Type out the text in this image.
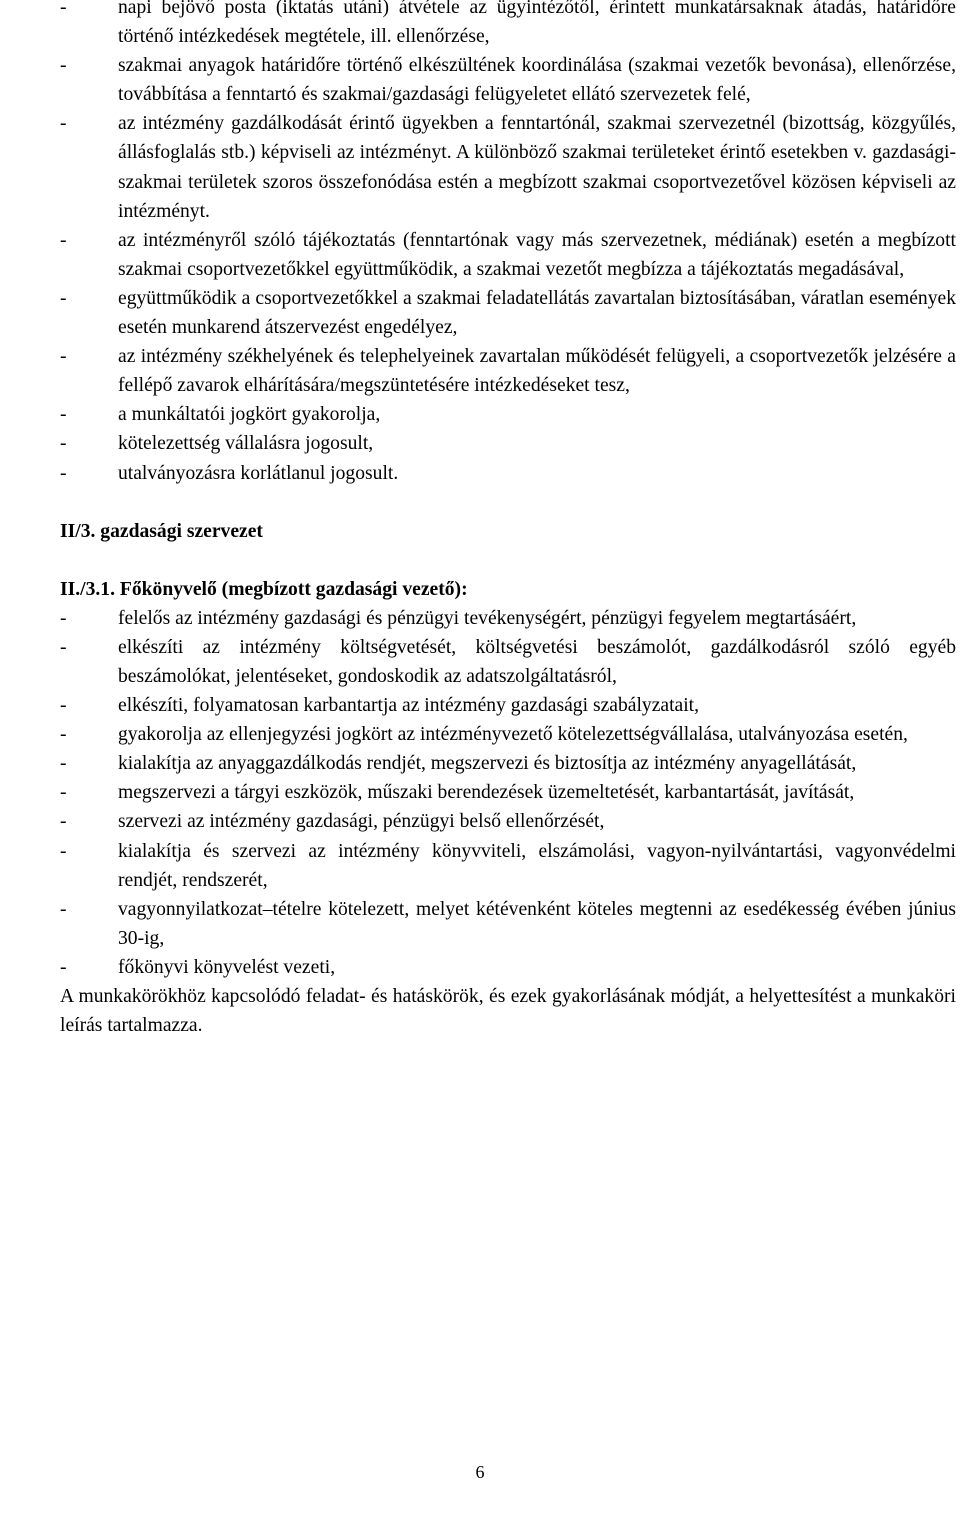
-	napi bejövő posta (iktatás utáni) átvétele az ügyintézőtől, érintett munkatársaknak átadás, határidőre történő intézkedések megtétele, ill. ellenőrzése,
-	szakmai anyagok határidőre történő elkészültének koordinálása (szakmai vezetők bevonása), ellenőrzése, továbbítása a fenntartó és szakmai/gazdasági felügyeletet ellátó szervezetek felé,
-	az intézmény gazdálkodását érintő ügyekben a fenntartónál, szakmai szervezetnél (bizottság, közgyűlés, állásfoglalás stb.) képviseli az intézményt. A különböző szakmai területeket érintő esetekben v. gazdasági-szakmai területek szoros összefonódása estén a megbízott szakmai csoportvezetővel közösen képviseli az intézményt.
-	az intézményről szóló tájékoztatás (fenntartónak vagy más szervezetnek, médiának) esetén a megbízott szakmai csoportvezetőkkel együttműködik, a szakmai vezetőt megbízza a tájékoztatás megadásával,
-	együttműködik a csoportvezetőkkel a szakmai feladatellátás zavartalan biztosításában, váratlan események esetén munkarend átszervezést engedélyez,
-	az intézmény székhelyének és telephelyeinek zavartalan működését felügyeli, a csoportvezetők jelzésére a fellépő zavarok elhárítására/megszüntetésére intézkedéseket tesz,
-	a munkáltatói jogkört gyakorolja,
-	kötelezettség vállalásra jogosult,
-	utalványozásra korlátlanul jogosult.
II/3. gazdasági szervezet
II./3.1. Főkönyvelő (megbízott gazdasági vezető):
-	felelős az intézmény gazdasági és pénzügyi tevékenységért, pénzügyi fegyelem megtartásáért,
-	elkészíti az intézmény költségvetését, költségvetési beszámolót, gazdálkodásról szóló egyéb beszámolókat, jelentéseket, gondoskodik az adatszolgáltatásról,
-	elkészíti, folyamatosan karbantartja az intézmény gazdasági szabályzatait,
-	gyakorolja az ellenjegyzési jogkört az intézményvezető kötelezettségvállalása, utalványozása esetén,
-	kialakítja az anyaggazdálkodás rendjét, megszervezi és biztosítja az intézmény anyagellátását,
-	megszervezi a tárgyi eszközök, műszaki berendezések üzemeltetését, karbantartását, javítását,
-	szervezi az intézmény gazdasági, pénzügyi belső ellenőrzését,
-	kialakítja és szervezi az intézmény könyvviteli, elszámolási, vagyon-nyilvántartási, vagyonvédelmi rendjét, rendszerét,
-	vagyonnyilatkozat–tételre kötelezett, melyet kétévenként köteles megtenni az esedékesség évében június 30-ig,
-	főkönyvi könyvelést vezeti,
A munkakörökhöz kapcsolódó feladat- és hatáskörök, és ezek gyakorlásának módját, a helyettesítést a munkaköri leírás tartalmazza.
6
